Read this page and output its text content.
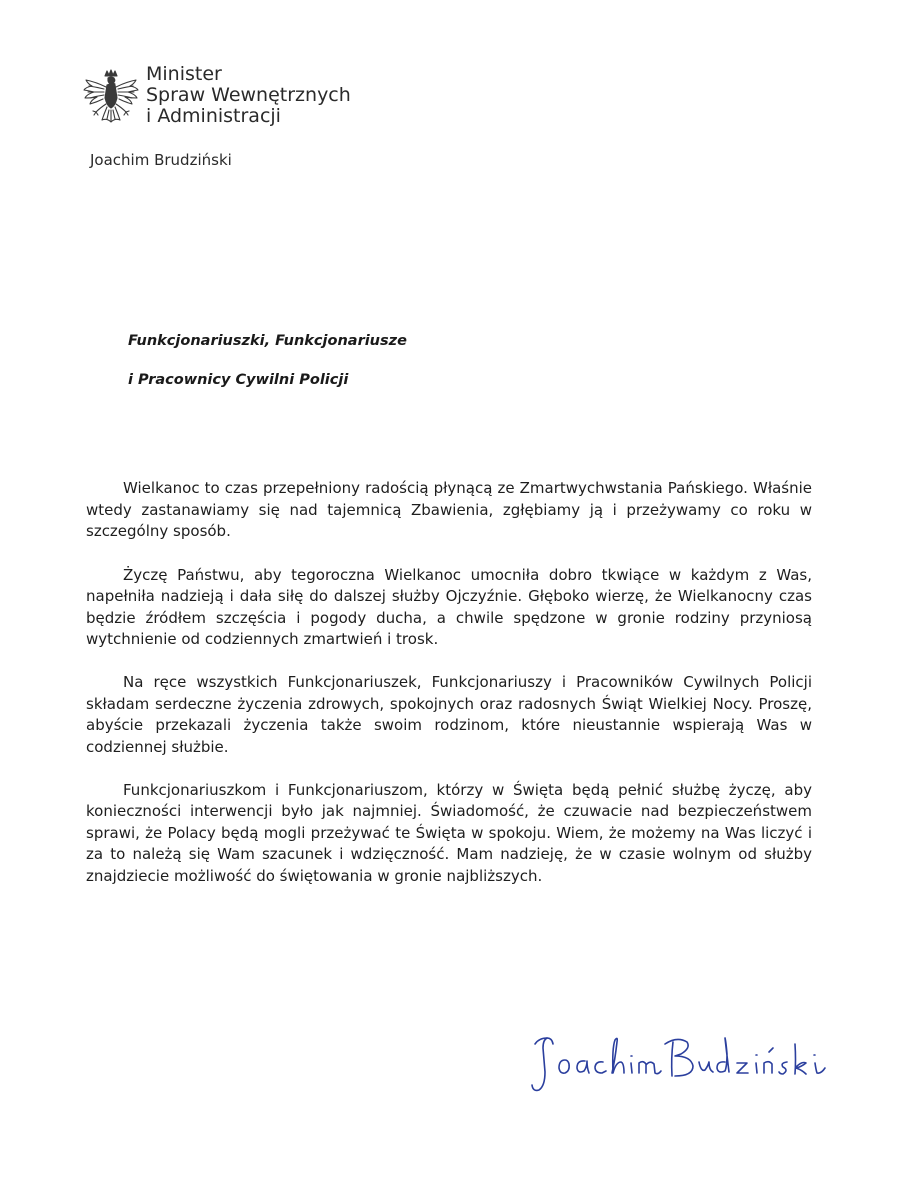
Minister
Spraw Wewnętrznych
i Administracji
Joachim Brudziński
Funkcjonariuszki, Funkcjonariusze
i Pracownicy Cywilni Policji

Wielkanoc to czas przepełniony radością płynącą ze Zmartwychwstania Pańskiego. Właśnie wtedy zastanawiamy się nad tajemnicą Zbawienia, zgłębiamy ją i przeżywamy co roku w szczególny sposób.

Życzę Państwu, aby tegoroczna Wielkanoc umocniła dobro tkwiące w każdym z Was, napełniła nadzieją i dała siłę do dalszej służby Ojczyźnie. Głęboko wierzę, że Wielkanocny czas będzie źródłem szczęścia i pogody ducha, a chwile spędzone w gronie rodziny przyniosą wytchnienie od codziennych zmartwień i trosk.

Na ręce wszystkich Funkcjonariuszek, Funkcjonariuszy i Pracowników Cywilnych Policji składam serdeczne życzenia zdrowych, spokojnych oraz radosnych Świąt Wielkiej Nocy. Proszę, abyście przekazali życzenia także swoim rodzinom, które nieustannie wspierają Was w codziennej służbie.

Funkcjonariuszkom i Funkcjonariuszom, którzy w Święta będą pełnić służbę życzę, aby konieczności interwencji było jak najmniej. Świadomość, że czuwacie nad bezpieczeństwem sprawi, że Polacy będą mogli przeżywać te Święta w spokoju. Wiem, że możemy na Was liczyć i za to należą się Wam szacunek i wdzięczność. Mam nadzieję, że w czasie wolnym od służby znajdziecie możliwość do świętowania w gronie najbliższych.
